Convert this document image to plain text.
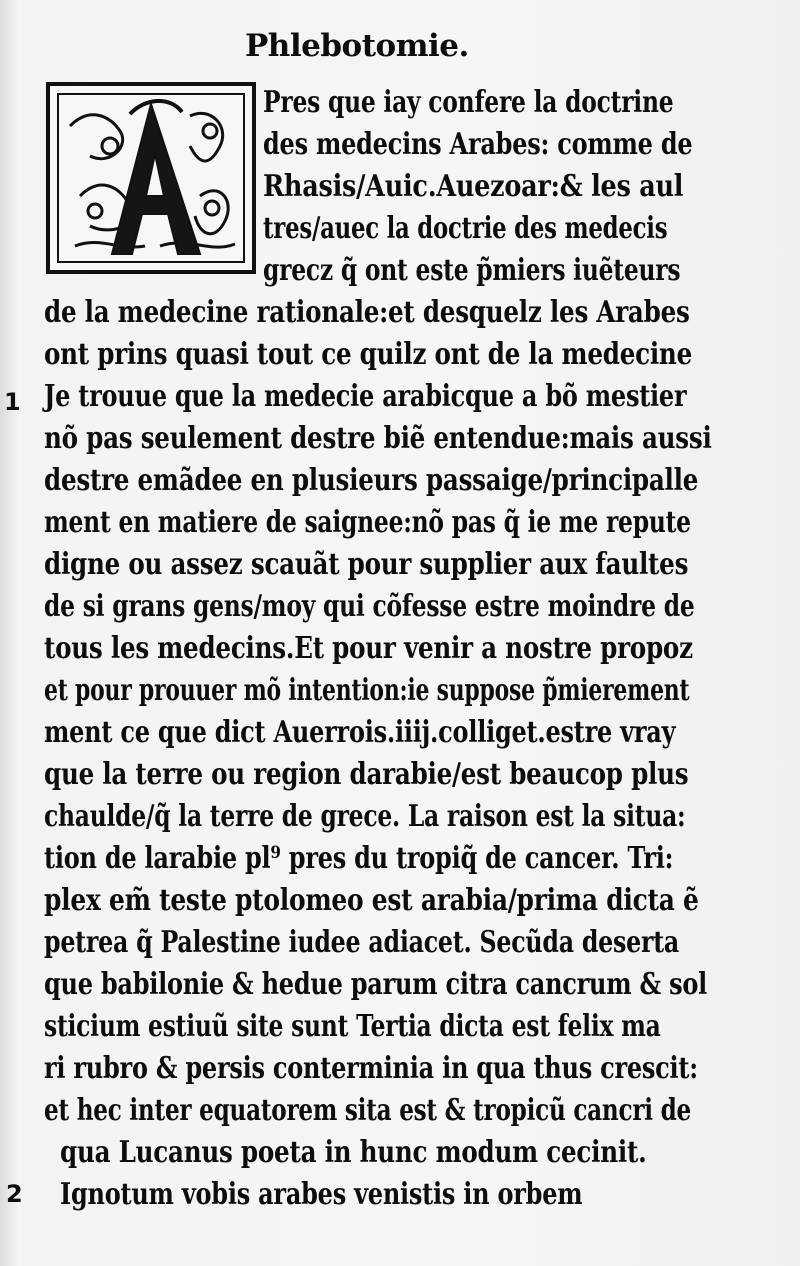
Phlebotomie.
Pres que iay confere la doctrine
des medecins Arabes: comme de
Rhasis/Auic.Auezoar:& les aul
tres/auec la doctrie des medecis
grecz q̃ ont este p̃miers iuẽteurs
de la medecine rationale:et desquelz les Arabes
ont prins quasi tout ce quilz ont de la medecine
1 Je trouue que la medecie arabicque a bõ mestier
nõ pas seulement destre biẽ entendue:mais aussi
destre emãdee en plusieurs passaige/principalle
ment en matiere de saignee:nõ pas q̃ ie me repute
digne ou assez scauãt pour supplier aux faultes
de si grans gens/moy qui cõfesse estre moindre de
tous les medecins.Et pour venir a nostre propoz
et pour prouuer mõ intention:ie suppose p̃mierement
ment ce que dict Auerrois.iiij.colliget.estre vray
que la terre ou region darabie/est beaucop plus
chaulde/q̃ la terre de grece. La raison est la situa:
tion de larabie pl⁹ pres du tropiq̃ de cancer. Tri:
plex em̃ teste ptolomeo est arabia/prima dicta ẽ
petrea q̃ Palestine iudee adiacet. Secũda deserta
que babilonie & hedue parum citra cancrum & sol
sticium estiuũ site sunt Tertia dicta est felix ma
ri rubro & persis conterminia in qua thus crescit:
et hec inter equatorem sita est & tropicũ cancri de
qua Lucanus poeta in hunc modum cecinit.
2 Ignotum vobis arabes venistis in orbem
